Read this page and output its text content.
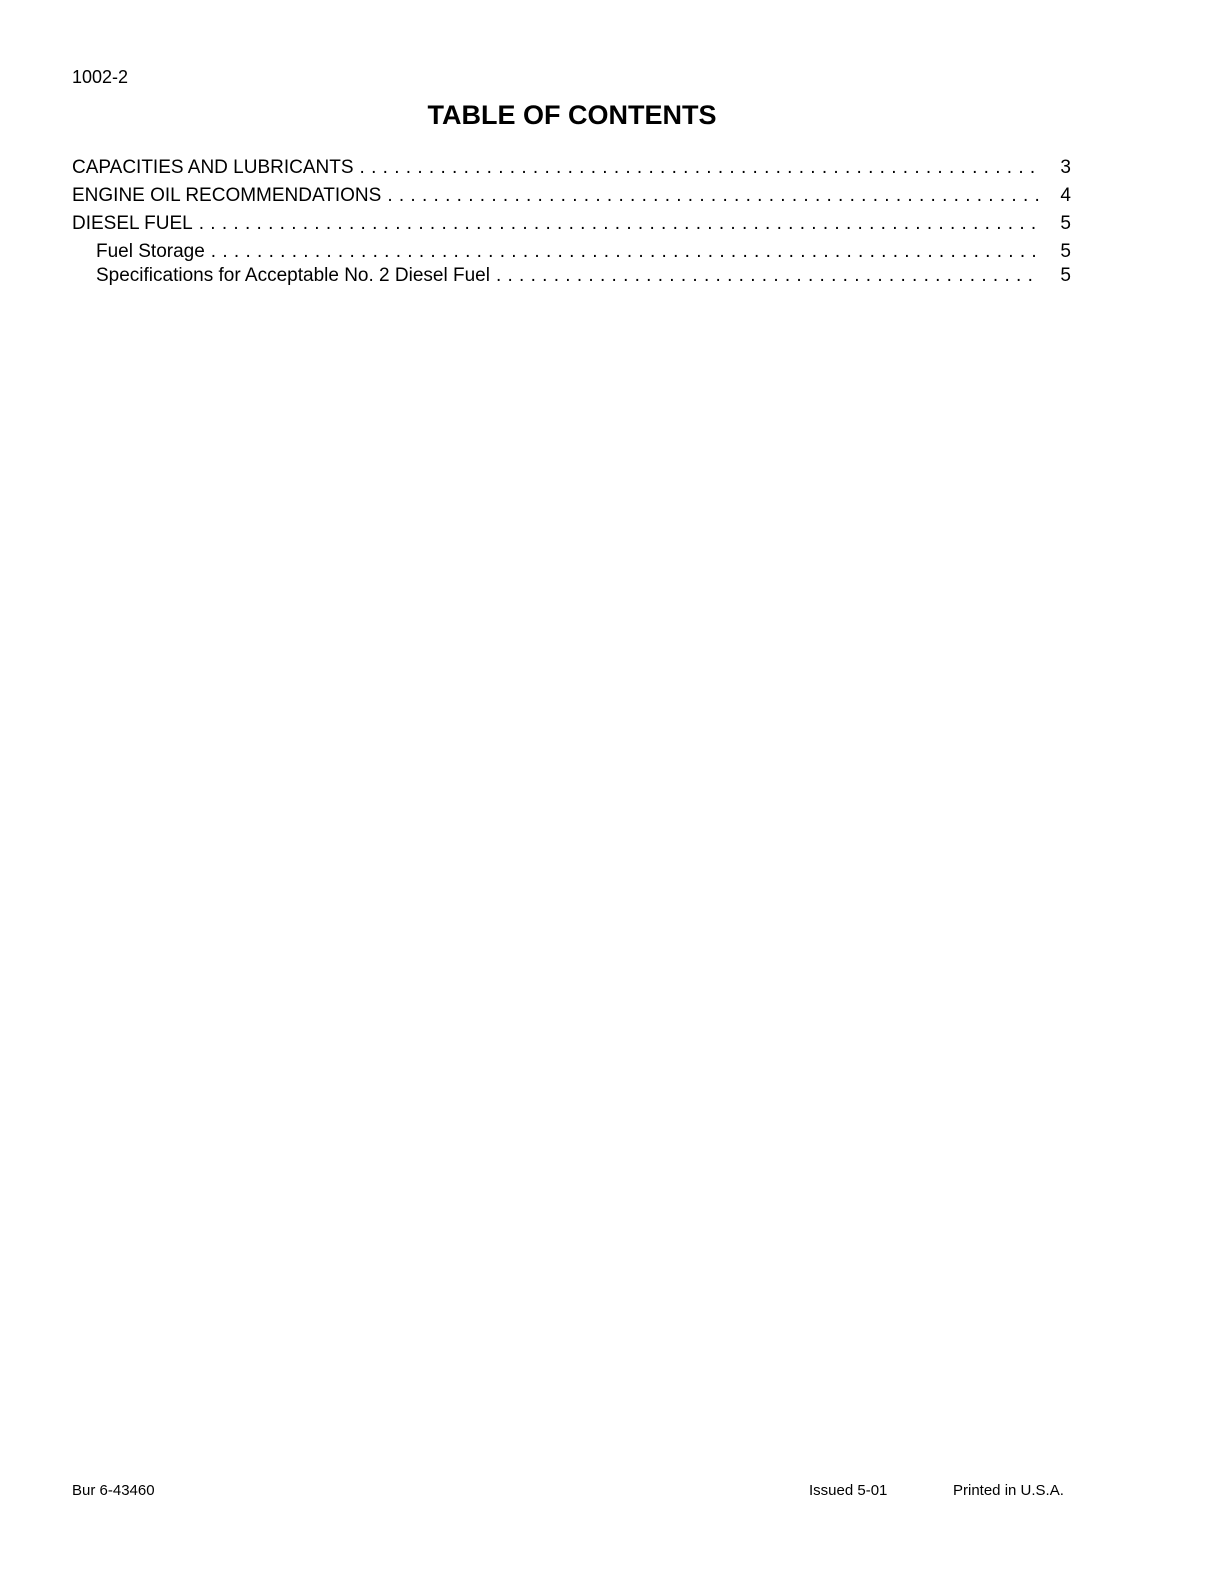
1002-2
TABLE OF CONTENTS
CAPACITIES AND LUBRICANTS . . .	3
ENGINE OIL RECOMMENDATIONS . . .	4
DIESEL FUEL . . .	5
Fuel Storage . . .	5
Specifications for Acceptable No. 2 Diesel Fuel . . .	5
Bur 6-43460	Issued 5-01	Printed in U.S.A.
